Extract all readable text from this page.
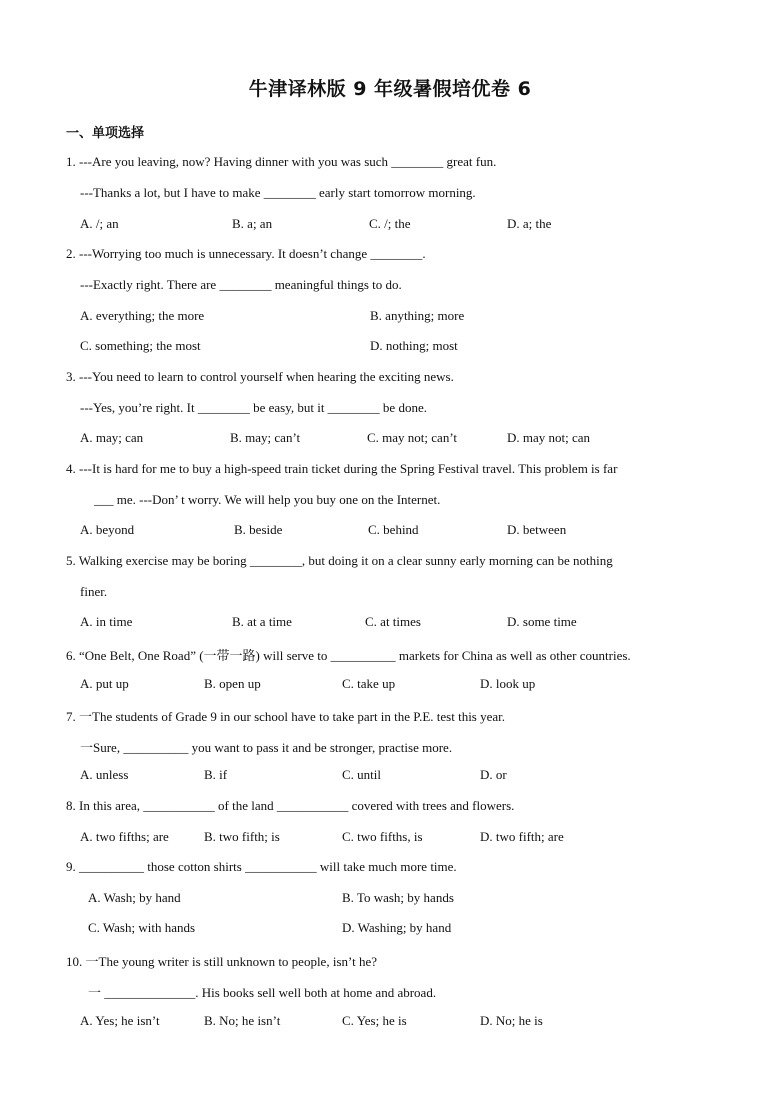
牛津译林版 9 年级暑假培优卷 6
一、单项选择
1. ---Are you leaving, now? Having dinner with you was such ________ great fun.
---Thanks a lot, but I have to make ________ early start tomorrow morning.
A. /; an	B. a; an	C. /; the	D. a; the
2. ---Worrying too much is unnecessary. It doesn’t change ________.
---Exactly right. There are ________ meaningful things to do.
A. everything; the more	B. anything; more
C. something; the most	D. nothing; most
3. ---You need to learn to control yourself when hearing the exciting news.
---Yes, you’re right. It ________ be easy, but it ________ be done.
A. may; can	B. may; can’t	C. may not; can’t	D. may not; can
4. ---It is hard for me to buy a high-speed train ticket during the Spring Festival travel. This problem is far
___ me. ---Don’ t worry. We will help you buy one on the Internet.
A. beyond	B. beside	C. behind	D. between
5. Walking exercise may be boring ________, but doing it on a clear sunny early morning can be nothing
finer.
A. in time	B. at a time	C. at times	D. some time
6. “One Belt, One Road” (一带一路) will serve to __________ markets for China as well as other countries.
A. put up	B. open up	C. take up	D. look up
7. 一The students of Grade 9 in our school have to take part in the P.E. test this year.
一Sure, __________ you want to pass it and be stronger, practise more.
A. unless	B. if	C. until	D. or
8. In this area, ___________ of the land ___________ covered with trees and flowers.
A. two fifths; are	B. two fifth; is	C. two fifths, is	D. two fifth; are
9. __________ those cotton shirts ___________ will take much more time.
A. Wash; by hand	B. To wash; by hands
C. Wash; with hands	D. Washing; by hand
10. 一The young writer is still unknown to people, isn’t he?
一 ______________. His books sell well both at home and abroad.
A. Yes; he isn’t	B. No; he isn’t	C. Yes; he is	D. No; he is
